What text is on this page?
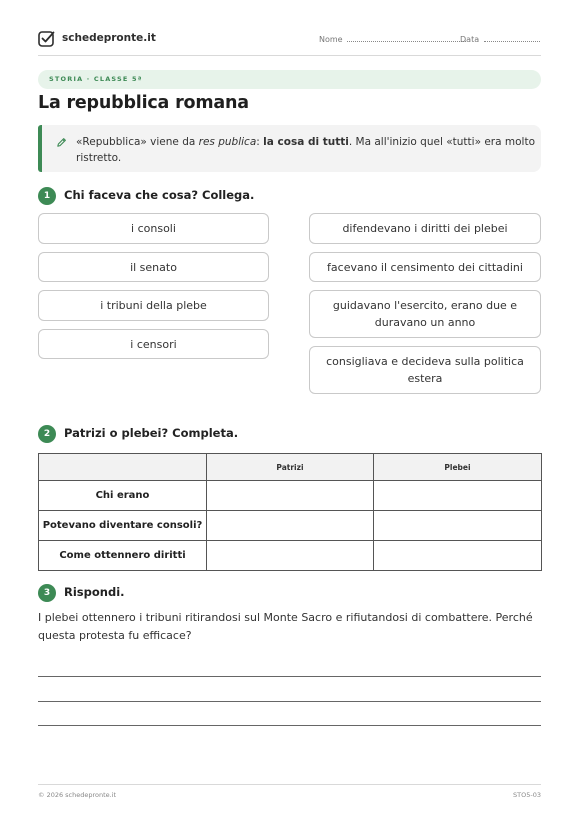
schedepronte.it	Nome	Data
STORIA · CLASSE 5ª
La repubblica romana
«Repubblica» viene da res publica: la cosa di tutti. Ma all'inizio quel «tutti» era molto ristretto.
1	Chi faceva che cosa? Collega.
i consoli
il senato
i tribuni della plebe
i censori
difendevano i diritti dei plebei
facevano il censimento dei cittadini
guidavano l'esercito, erano due e duravano un anno
consigliava e decideva sulla politica estera
2	Patrizi o plebei? Completa.
	Patrizi	Plebei
Chi erano		
Potevano diventare consoli?		
Come ottennero diritti		
3	Rispondi.
I plebei ottennero i tribuni ritirandosi sul Monte Sacro e rifiutandosi di combattere. Perché questa protesta fu efficace?
© 2026 schedepronte.it	STO5-03
